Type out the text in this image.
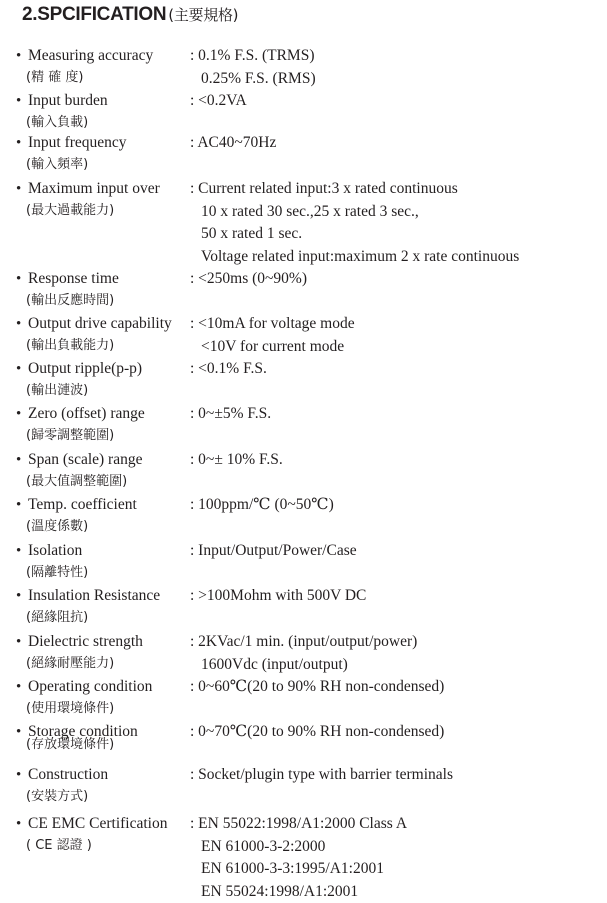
2.SPCIFICATION (主要規格)
• Measuring accuracy
(精 確 度)
: 0.1% F.S. (TRMS)
0.25% F.S. (RMS)
• Input burden
(輸入負載)
: <0.2VA
• Input frequency
(輸入頻率)
: AC40~70Hz
• Maximum input over
(最大過載能力)
: Current related input:3 x rated continuous
10 x rated 30 sec.,25 x rated 3 sec.,
50 x rated 1 sec.
Voltage related input:maximum 2 x rate continuous
• Response time
(輸出反應時間)
: <250ms (0~90%)
• Output drive capability
(輸出負載能力)
: <10mA for voltage mode
<10V for current mode
• Output ripple(p-p)
(輸出漣波)
: <0.1% F.S.
• Zero (offset) range
(歸零調整範圍)
: 0~±5% F.S.
• Span (scale) range
(最大值調整範圍)
: 0~± 10% F.S.
• Temp. coefficient
(溫度係數)
: 100ppm/℃ (0~50℃)
• Isolation
(隔離特性)
: Input/Output/Power/Case
• Insulation Resistance
(絕緣阻抗)
: >100Mohm with 500V DC
• Dielectric strength
(絕緣耐壓能力)
: 2KVac/1 min. (input/output/power)
1600Vdc (input/output)
• Operating condition
(使用環境條件)
: 0~60℃(20 to 90% RH non-condensed)
• Storage condition
(存放環境條件)
: 0~70℃(20 to 90% RH non-condensed)
• Construction
(安裝方式)
: Socket/plugin type with barrier terminals
• CE EMC Certification
( CE 認證 )
: EN 55022:1998/A1:2000 Class A
EN 61000-3-2:2000
EN 61000-3-3:1995/A1:2001
EN 55024:1998/A1:2001
